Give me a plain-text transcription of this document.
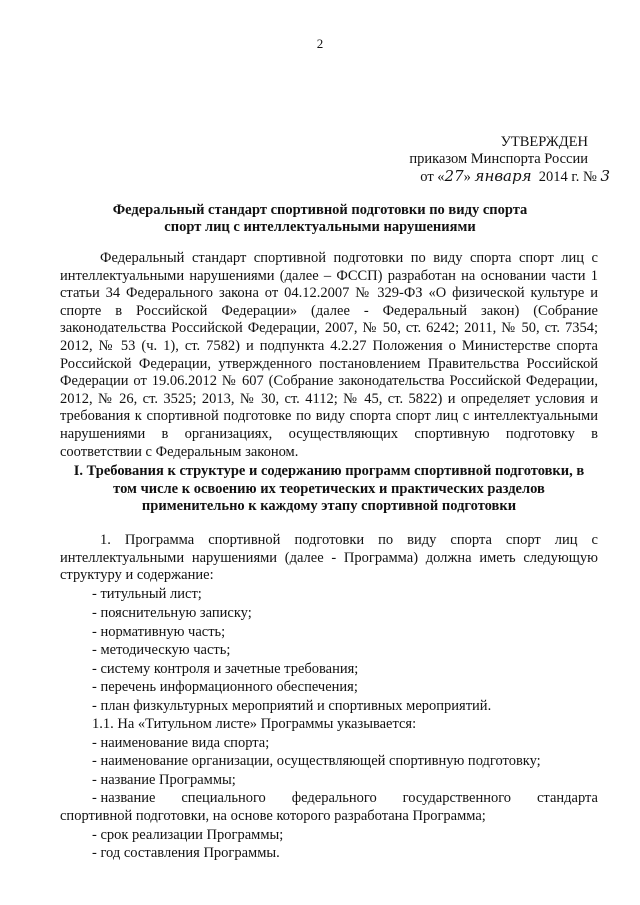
2
УТВЕРЖДЕН
приказом Минспорта России
от «27» января 2014 г. № 3
Федеральный стандарт спортивной подготовки по виду спорта
спорт лиц с интеллектуальными нарушениями
Федеральный стандарт спортивной подготовки по виду спорта спорт лиц с интеллектуальными нарушениями (далее – ФССП) разработан на основании части 1 статьи 34 Федерального закона от 04.12.2007 № 329-ФЗ «О физической культуре и спорте в Российской Федерации» (далее - Федеральный закон) (Собрание законодательства Российской Федерации, 2007, № 50, ст. 6242; 2011, № 50, ст. 7354; 2012, № 53 (ч. 1), ст. 7582) и подпункта 4.2.27 Положения о Министерстве спорта Российской Федерации, утвержденного постановлением Правительства Российской Федерации от 19.06.2012 № 607 (Собрание законодательства Российской Федерации, 2012, № 26, ст. 3525; 2013, № 30, ст. 4112; № 45, ст. 5822) и определяет условия и требования к спортивной подготовке по виду спорта спорт лиц с интеллектуальными нарушениями в организациях, осуществляющих спортивную подготовку в соответствии с Федеральным законом.
I. Требования к структуре и содержанию программ спортивной подготовки, в
том числе к освоению их теоретических и практических разделов
применительно к каждому этапу спортивной подготовки
1. Программа спортивной подготовки по виду спорта спорт лиц с интеллектуальными нарушениями (далее - Программа) должна иметь следующую структуру и содержание:
- титульный лист;
- пояснительную записку;
- нормативную часть;
- методическую часть;
- систему контроля и зачетные требования;
- перечень информационного обеспечения;
- план физкультурных мероприятий и спортивных мероприятий.
1.1. На «Титульном листе» Программы указывается:
- наименование вида спорта;
- наименование организации, осуществляющей спортивную подготовку;
- название Программы;
- название специального федерального государственного стандарта
спортивной подготовки, на основе которого разработана Программа;
- срок реализации Программы;
- год составления Программы.
